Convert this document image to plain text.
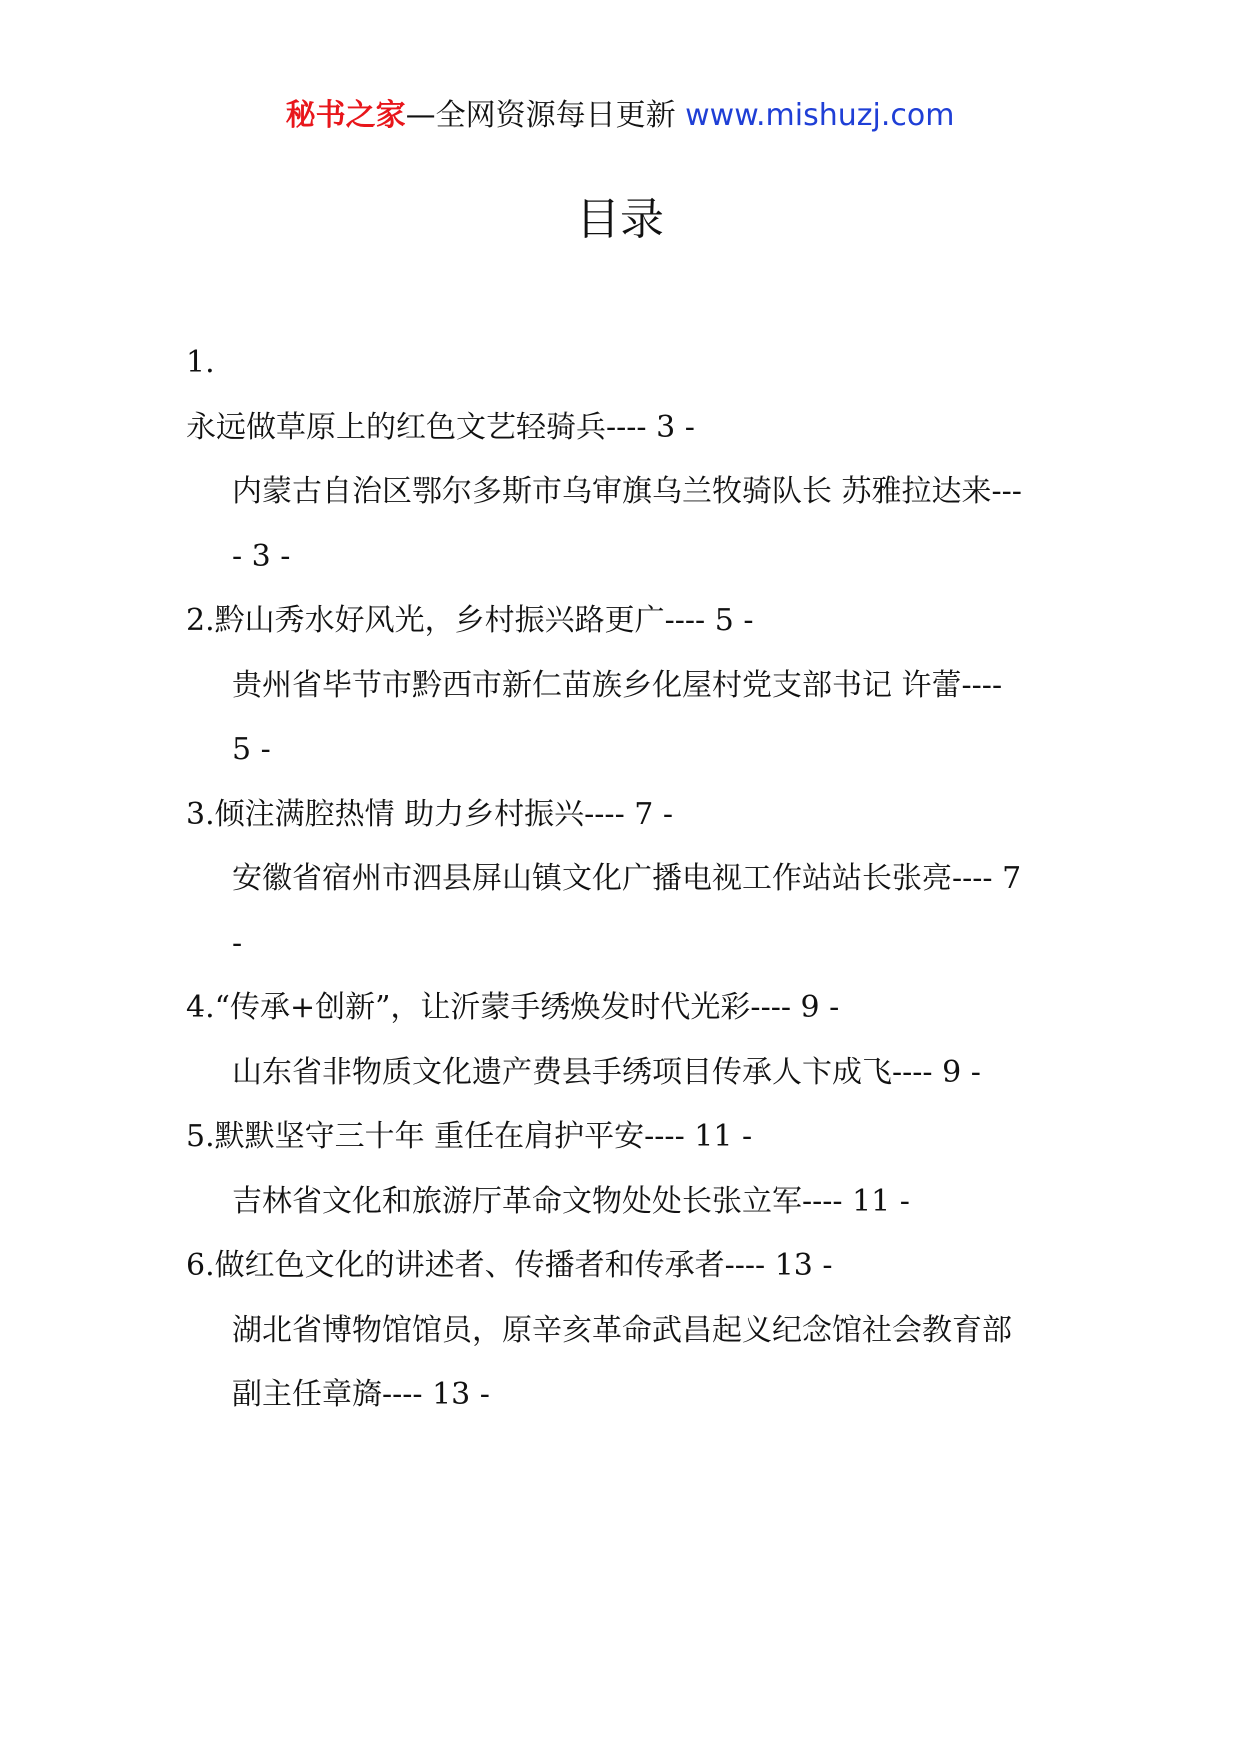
秘书之家—全网资源每日更新 www.mishuzj.com
目录
1.
永远做草原上的红色文艺轻骑兵---- 3 -
内蒙古自治区鄂尔多斯市乌审旗乌兰牧骑队长 苏雅拉达来---- 3 -
2.黔山秀水好风光，乡村振兴路更广---- 5 -
贵州省毕节市黔西市新仁苗族乡化屋村党支部书记 许蕾---- 5 -
3.倾注满腔热情 助力乡村振兴---- 7 -
安徽省宿州市泗县屏山镇文化广播电视工作站站长张亮---- 7 -
4.“传承+创新”，让沂蒙手绣焕发时代光彩---- 9 -
山东省非物质文化遗产费县手绣项目传承人卞成飞---- 9 -
5.默默坚守三十年 重任在肩护平安---- 11 -
吉林省文化和旅游厅革命文物处处长张立军---- 11 -
6.做红色文化的讲述者、传播者和传承者---- 13 -
湖北省博物馆馆员，原辛亥革命武昌起义纪念馆社会教育部副主任章旖---- 13 -
